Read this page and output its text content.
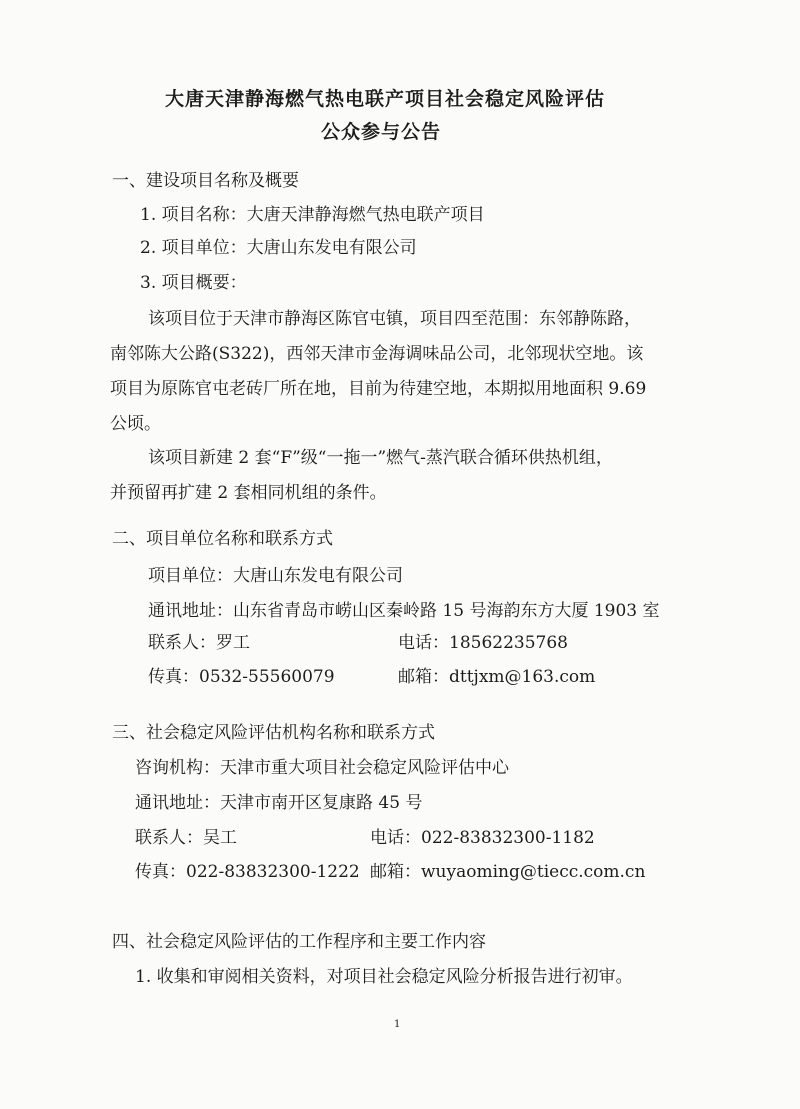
大唐天津静海燃气热电联产项目社会稳定风险评估
公众参与公告
一、建设项目名称及概要
1. 项目名称：大唐天津静海燃气热电联产项目
2. 项目单位：大唐山东发电有限公司
3. 项目概要：
该项目位于天津市静海区陈官屯镇，项目四至范围：东邻静陈路，
南邻陈大公路(S322)，西邻天津市金海调味品公司，北邻现状空地。该
项目为原陈官屯老砖厂所在地，目前为待建空地，本期拟用地面积 9.69
公顷。
该项目新建 2 套“F”级“一拖一”燃气-蒸汽联合循环供热机组，
并预留再扩建 2 套相同机组的条件。
二、项目单位名称和联系方式
项目单位：大唐山东发电有限公司
通讯地址：山东省青岛市崂山区秦岭路 15 号海韵东方大厦 1903 室
联系人：罗工	电话：18562235768
传真：0532-55560079	邮箱：dttjxm@163.com
三、社会稳定风险评估机构名称和联系方式
咨询机构：天津市重大项目社会稳定风险评估中心
通讯地址：天津市南开区复康路 45 号
联系人：吴工	电话：022-83832300-1182
传真：022-83832300-1222 邮箱：wuyaoming@tiecc.com.cn
四、社会稳定风险评估的工作程序和主要工作内容
1. 收集和审阅相关资料，对项目社会稳定风险分析报告进行初审。
1
